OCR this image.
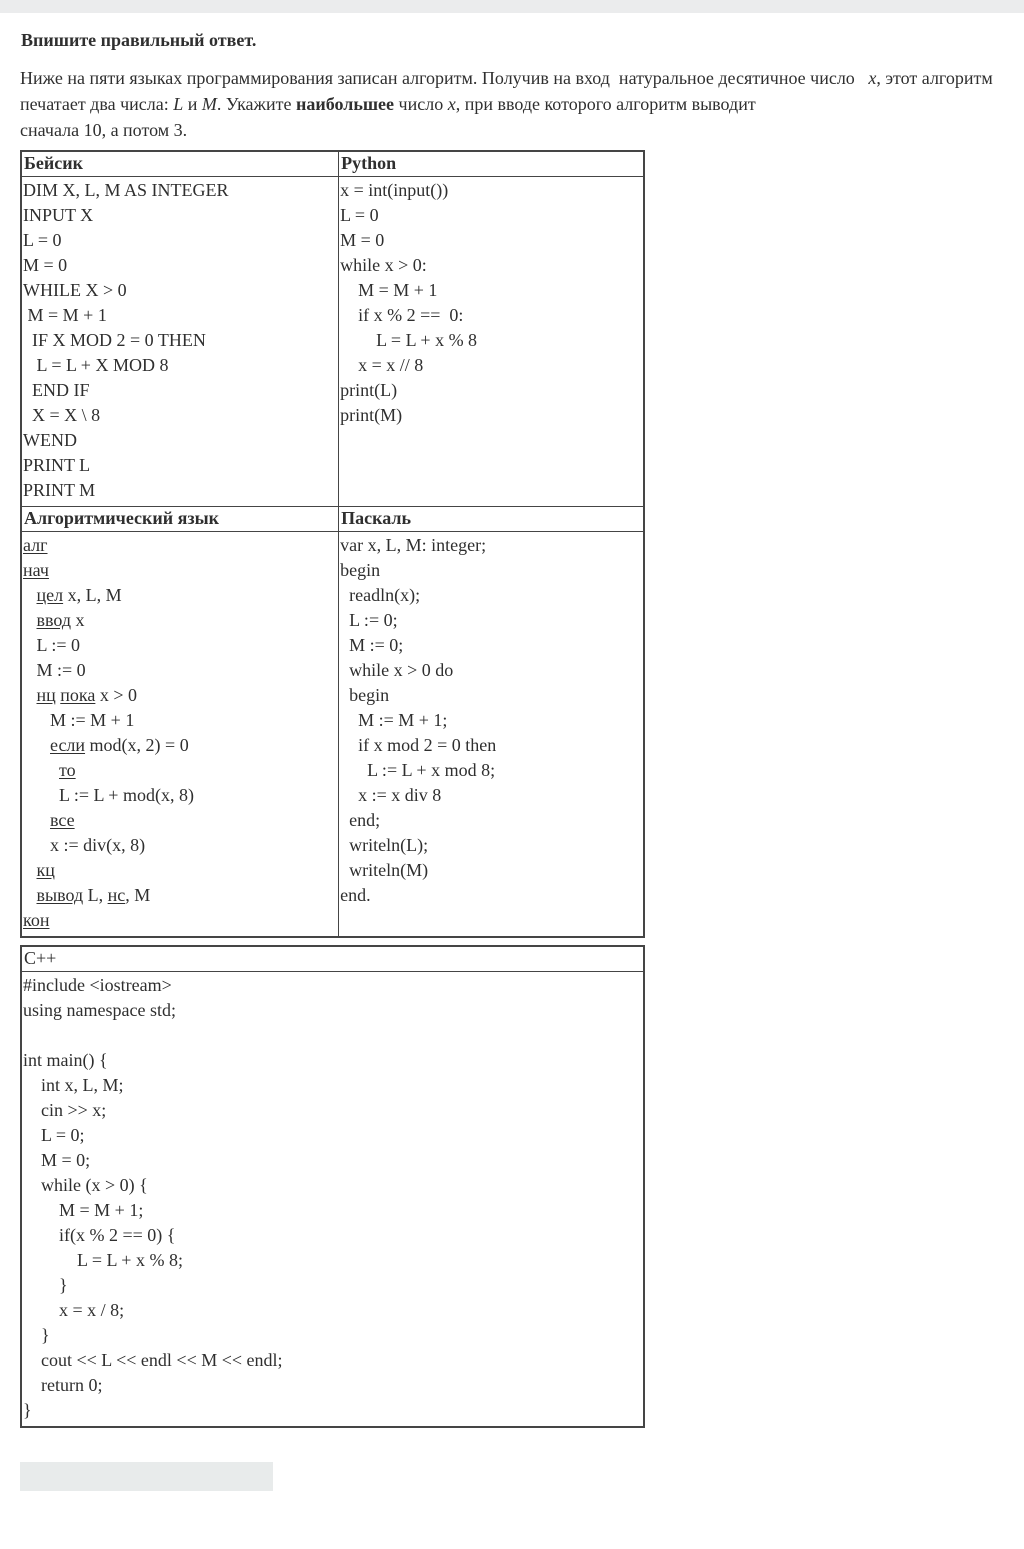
Впишите правильный ответ.
Ниже на пяти языках программирования записан алгоритм. Получив на вход  натуральное десятичное число   x, этот алгоритм
печатает два числа: L и M. Укажите наибольшее число x, при вводе которого алгоритм выводит
сначала 10, а потом 3.
Бейсик	Python

DIM X, L, M AS INTEGER
INPUT X
L = 0
M = 0
WHILE X > 0
M = M + 1
IF X MOD 2 = 0 THEN
L = L + X MOD 8
END IF
X = X \ 8
WEND
PRINT L
PRINT M

x = int(input())
L = 0
M = 0
while x > 0:
M = M + 1
if x % 2 ==  0:
L = L + x % 8
x = x // 8
print(L)
print(M)

Алгоритмический язык	Паскаль

алг
нач
цел x, L, M
ввод x
L := 0
M := 0
нц пока x > 0
M := M + 1
если mod(x, 2) = 0
то
L := L + mod(x, 8)
все
x := div(x, 8)
кц
вывод L, нс, M
кон

var x, L, M: integer;
begin
readln(x);
L := 0;
M := 0;
while x > 0 do
begin
M := M + 1;
if x mod 2 = 0 then
L := L + x mod 8;
x := x div 8
end;
writeln(L);
writeln(M)
end.
C++

#include <iostream>
using namespace std;
int main() {
int x, L, M;
cin >> x;
L = 0;
M = 0;
while (x > 0) {
M = M + 1;
if(x % 2 == 0) {
L = L + x % 8;
}
x = x / 8;
}
cout << L << endl << M << endl;
return 0;
}
